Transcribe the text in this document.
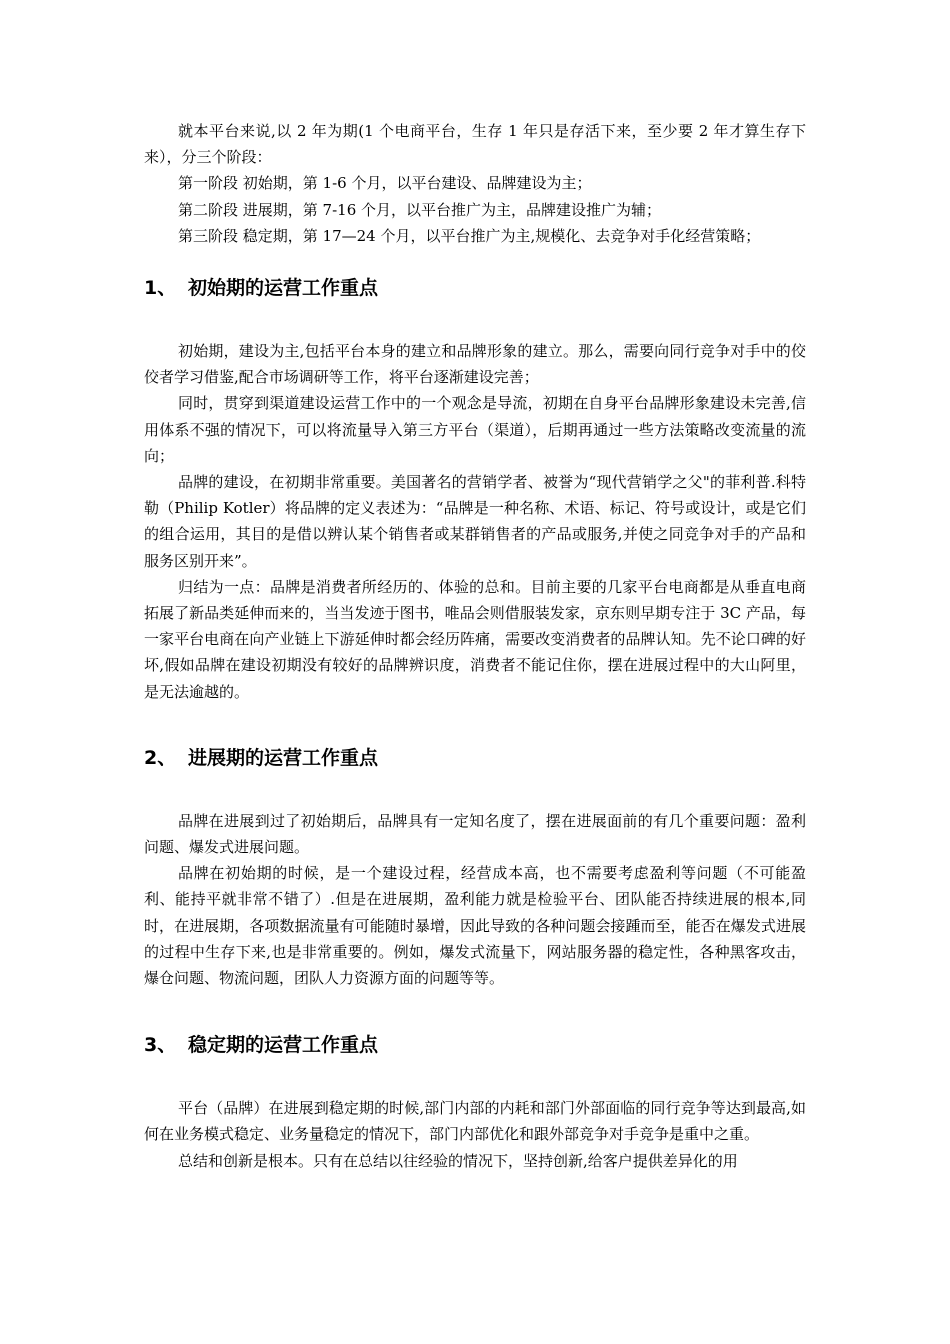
就本平台来说,以 2 年为期(1 个电商平台，生存 1 年只是存活下来，至少要 2 年才算生存下来），分三个阶段：

第一阶段 初始期，第 1-6 个月，以平台建设、品牌建设为主；

第二阶段 进展期，第 7-16 个月，以平台推广为主，品牌建设推广为辅；

第三阶段 稳定期，第 17—24 个月，以平台推广为主,规模化、去竞争对手化经营策略；

1、 初始期的运营工作重点

初始期，建设为主,包括平台本身的建立和品牌形象的建立。那么，需要向同行竞争对手中的佼佼者学习借鉴,配合市场调研等工作，将平台逐渐建设完善；

同时，贯穿到渠道建设运营工作中的一个观念是导流，初期在自身平台品牌形象建设未完善,信用体系不强的情况下，可以将流量导入第三方平台（渠道），后期再通过一些方法策略改变流量的流向；

品牌的建设，在初期非常重要。美国著名的营销学者、被誉为“现代营销学之父"的菲利普.科特勒（Philip Kotler）将品牌的定义表述为：“品牌是一种名称、术语、标记、符号或设计，或是它们的组合运用，其目的是借以辨认某个销售者或某群销售者的产品或服务,并使之同竞争对手的产品和服务区别开来”。

归结为一点：品牌是消费者所经历的、体验的总和。目前主要的几家平台电商都是从垂直电商拓展了新品类延伸而来的，当当发迹于图书，唯品会则借服装发家，京东则早期专注于 3C 产品，每一家平台电商在向产业链上下游延伸时都会经历阵痛，需要改变消费者的品牌认知。先不论口碑的好坏,假如品牌在建设初期没有较好的品牌辨识度，消费者不能记住你，摆在进展过程中的大山阿里，是无法逾越的。

2、 进展期的运营工作重点

品牌在进展到过了初始期后，品牌具有一定知名度了，摆在进展面前的有几个重要问题：盈利问题、爆发式进展问题。

品牌在初始期的时候，是一个建设过程，经营成本高，也不需要考虑盈利等问题（不可能盈利、能持平就非常不错了）.但是在进展期，盈利能力就是检验平台、团队能否持续进展的根本,同时，在进展期，各项数据流量有可能随时暴增，因此导致的各种问题会接踵而至，能否在爆发式进展的过程中生存下来,也是非常重要的。例如，爆发式流量下，网站服务器的稳定性，各种黑客攻击，爆仓问题、物流问题，团队人力资源方面的问题等等。

3、 稳定期的运营工作重点

平台（品牌）在进展到稳定期的时候,部门内部的内耗和部门外部面临的同行竞争等达到最高,如何在业务模式稳定、业务量稳定的情况下，部门内部优化和跟外部竞争对手竞争是重中之重。

总结和创新是根本。只有在总结以往经验的情况下，坚持创新,给客户提供差异化的用
